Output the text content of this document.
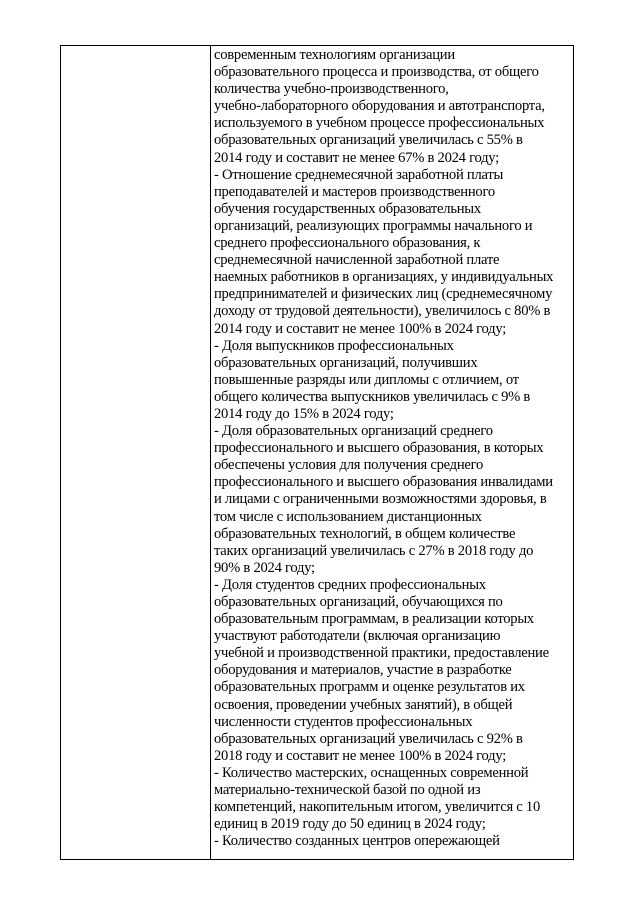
современным технологиям организации
образовательного процесса и производства, от общего
количества учебно-производственного,
учебно-лабораторного оборудования и автотранспорта,
используемого в учебном процессе профессиональных
образовательных организаций увеличилась с 55% в
2014 году и составит не менее 67% в 2024 году;
- Отношение среднемесячной заработной платы
преподавателей и мастеров производственного
обучения государственных образовательных
организаций, реализующих программы начального и
среднего профессионального образования, к
среднемесячной начисленной заработной плате
наемных работников в организациях, у индивидуальных
предпринимателей и физических лиц (среднемесячному
доходу от трудовой деятельности), увеличилось с 80% в
2014 году и составит не менее 100% в 2024 году;
- Доля выпускников профессиональных
образовательных организаций, получивших
повышенные разряды или дипломы с отличием, от
общего количества выпускников увеличилась с 9% в
2014 году до 15% в 2024 году;
- Доля образовательных организаций среднего
профессионального и высшего образования, в которых
обеспечены условия для получения среднего
профессионального и высшего образования инвалидами
и лицами с ограниченными возможностями здоровья, в
том числе с использованием дистанционных
образовательных технологий, в общем количестве
таких организаций увеличилась с 27% в 2018 году до
90% в 2024 году;
- Доля студентов средних профессиональных
образовательных организаций, обучающихся по
образовательным программам, в реализации которых
участвуют работодатели (включая организацию
учебной и производственной практики, предоставление
оборудования и материалов, участие в разработке
образовательных программ и оценке результатов их
освоения, проведении учебных занятий), в общей
численности студентов профессиональных
образовательных организаций увеличилась с 92% в
2018 году и составит не менее 100% в 2024 году;
- Количество мастерских, оснащенных современной
материально-технической базой по одной из
компетенций, накопительным итогом, увеличится с 10
единиц в 2019 году до 50 единиц в 2024 году;
- Количество созданных центров опережающей
